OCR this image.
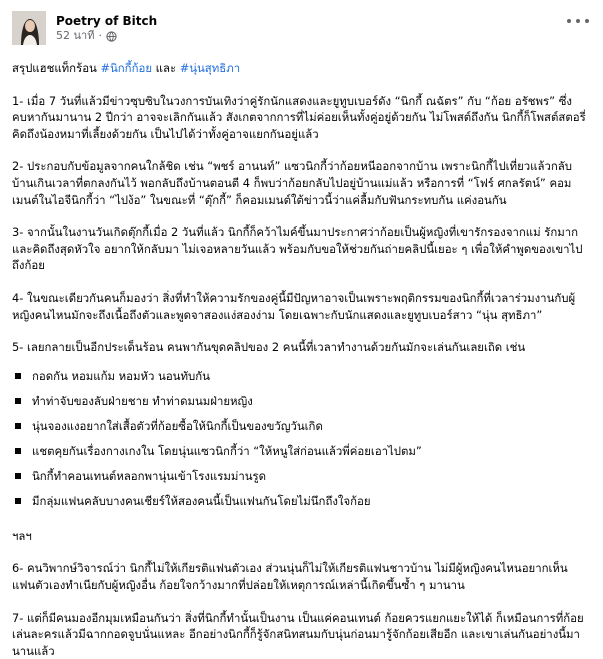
Poetry of Bitch
52 นาที ·
สรุปแฮชแท็กร้อน #นิกกี้ก้อย และ #นุ่นสุทธิภา
1- เมื่อ 7 วันที่แล้วมีข่าวซุบซิบในวงการบันเทิงว่าคู่รักนักแสดงและยูทูบเบอร์ดัง “นิกกี้ ณฉัตร” กับ “ก้อย อรัชพร” ซึ่งคบหากันมานาน 2 ปีกว่า อาจจะเลิกกันแล้ว สังเกตจากการที่ไม่ค่อยเห็นทั้งคู่อยู่ด้วยกัน ไม่โพสต์ถึงกัน นิกกี้ก็โพสต์สตอรี่คิดถึงน้องหมาที่เลี้ยงด้วยกัน เป็นไปได้ว่าทั้งคู่อาจแยกกันอยู่แล้ว
2- ประกอบกับข้อมูลจากคนใกล้ชิด เช่น “พชร์ อานนท์” แซวนิกกี้ว่าก้อยหนีออกจากบ้าน เพราะนิกกี้ไปเที่ยวแล้วกลับบ้านเกินเวลาที่ตกลงกันไว้ พอกลับถึงบ้านตอนตี 4 ก็พบว่าก้อยกลับไปอยู่บ้านแม่แล้ว หรือการที่ “โฟร์ ศกลรัตน์” คอมเมนต์ในไอจีนิกกี้ว่า “ไปง้อ” ในขณะที่ “ตุ๊กกี้” ก็คอมเมนต์ใต้ข่าวนี้ว่าแค่ลื้มกับฟันกระทบกัน แค่งอนกัน
3- จากนั้นในงานวันเกิดตุ๊กกี้เมื่อ 2 วันที่แล้ว นิกกี้ก็คว้าไมค์ขึ้นมาประกาศว่าก้อยเป็นผู้หญิงที่เขารักรองจากแม่ รักมากและคิดถึงสุดหัวใจ อยากให้กลับมา ไม่เจอหลายวันแล้ว พร้อมกับขอให้ช่วยกันถ่ายคลิปนี้เยอะ ๆ เพื่อให้คำพูดของเขาไปถึงก้อย
4- ในขณะเดียวกันคนก็มองว่า สิ่งที่ทำให้ความรักของคู่นี้มีปัญหาอาจเป็นเพราะพฤติกรรมของนิกกี้ที่เวลาร่วมงานกับผู้หญิงคนไหนมักจะถึงเนื้อถึงตัวและพูดจาสองแง่สองง่าม โดยเฉพาะกับนักแสดงและยูทูบเบอร์สาว “นุ่น สุทธิภา”
5- เลยกลายเป็นอีกประเด็นร้อน คนพากันขุดคลิปของ 2 คนนี้ที่เวลาทำงานด้วยกันมักจะเล่นกันเลยเถิด เช่น
กอดกัน หอมแก้ม หอมหัว นอนทับกัน
ทำท่าจับของลับฝ่ายชาย ทำท่าดมนมฝ่ายหญิง
นุ่นจองแงอยากใส่เสื้อตัวที่ก้อยซื้อให้นิกกี้เป็นของขวัญวันเกิด
แชตคุยกันเรื่องกางเกงใน โดยนุ่นแซวนิกกี้ว่า “ให้หนูใส่ก่อนแล้วพี่ค่อยเอาไปตม”
นิกกี้ทำคอนเทนต์หลอกพานุ่นเข้าโรงแรมม่านรูด
มีกลุ่มแฟนคลับบางคนเชียร์ให้สองคนนี้เป็นแฟนกันโดยไม่นึกถึงใจก้อย
ฯลฯ
6- คนวิพากษ์วิจารณ์ว่า นิกกี้ไม่ให้เกียรติแฟนตัวเอง ส่วนนุ่นก็ไม่ให้เกียรติแฟนชาวบ้าน ไม่มีผู้หญิงคนไหนอยากเห็นแฟนตัวเองทำเนียกับผู้หญิงอื่น ก้อยใจกว้างมากที่ปล่อยให้เหตุการณ์เหล่านี้เกิดขึ้นซ้ำ ๆ มานาน
7- แต่ก็มีคนมองอีกมุมเหมือนกันว่า สิ่งที่นิกกี้ทำนั้นเป็นงาน เป็นแค่คอนเทนต์ ก้อยควรแยกแยะให้ได้ ก็เหมือนการที่ก้อยเล่นละครแล้วมีฉากกอดจูบนั่นแหละ อีกอย่างนิกกี้ก็รู้จักสนิทสนมกับนุ่นก่อนมารู้จักก้อยเสียอีก และเขาเล่นกันอย่างนี้มานานแล้ว
